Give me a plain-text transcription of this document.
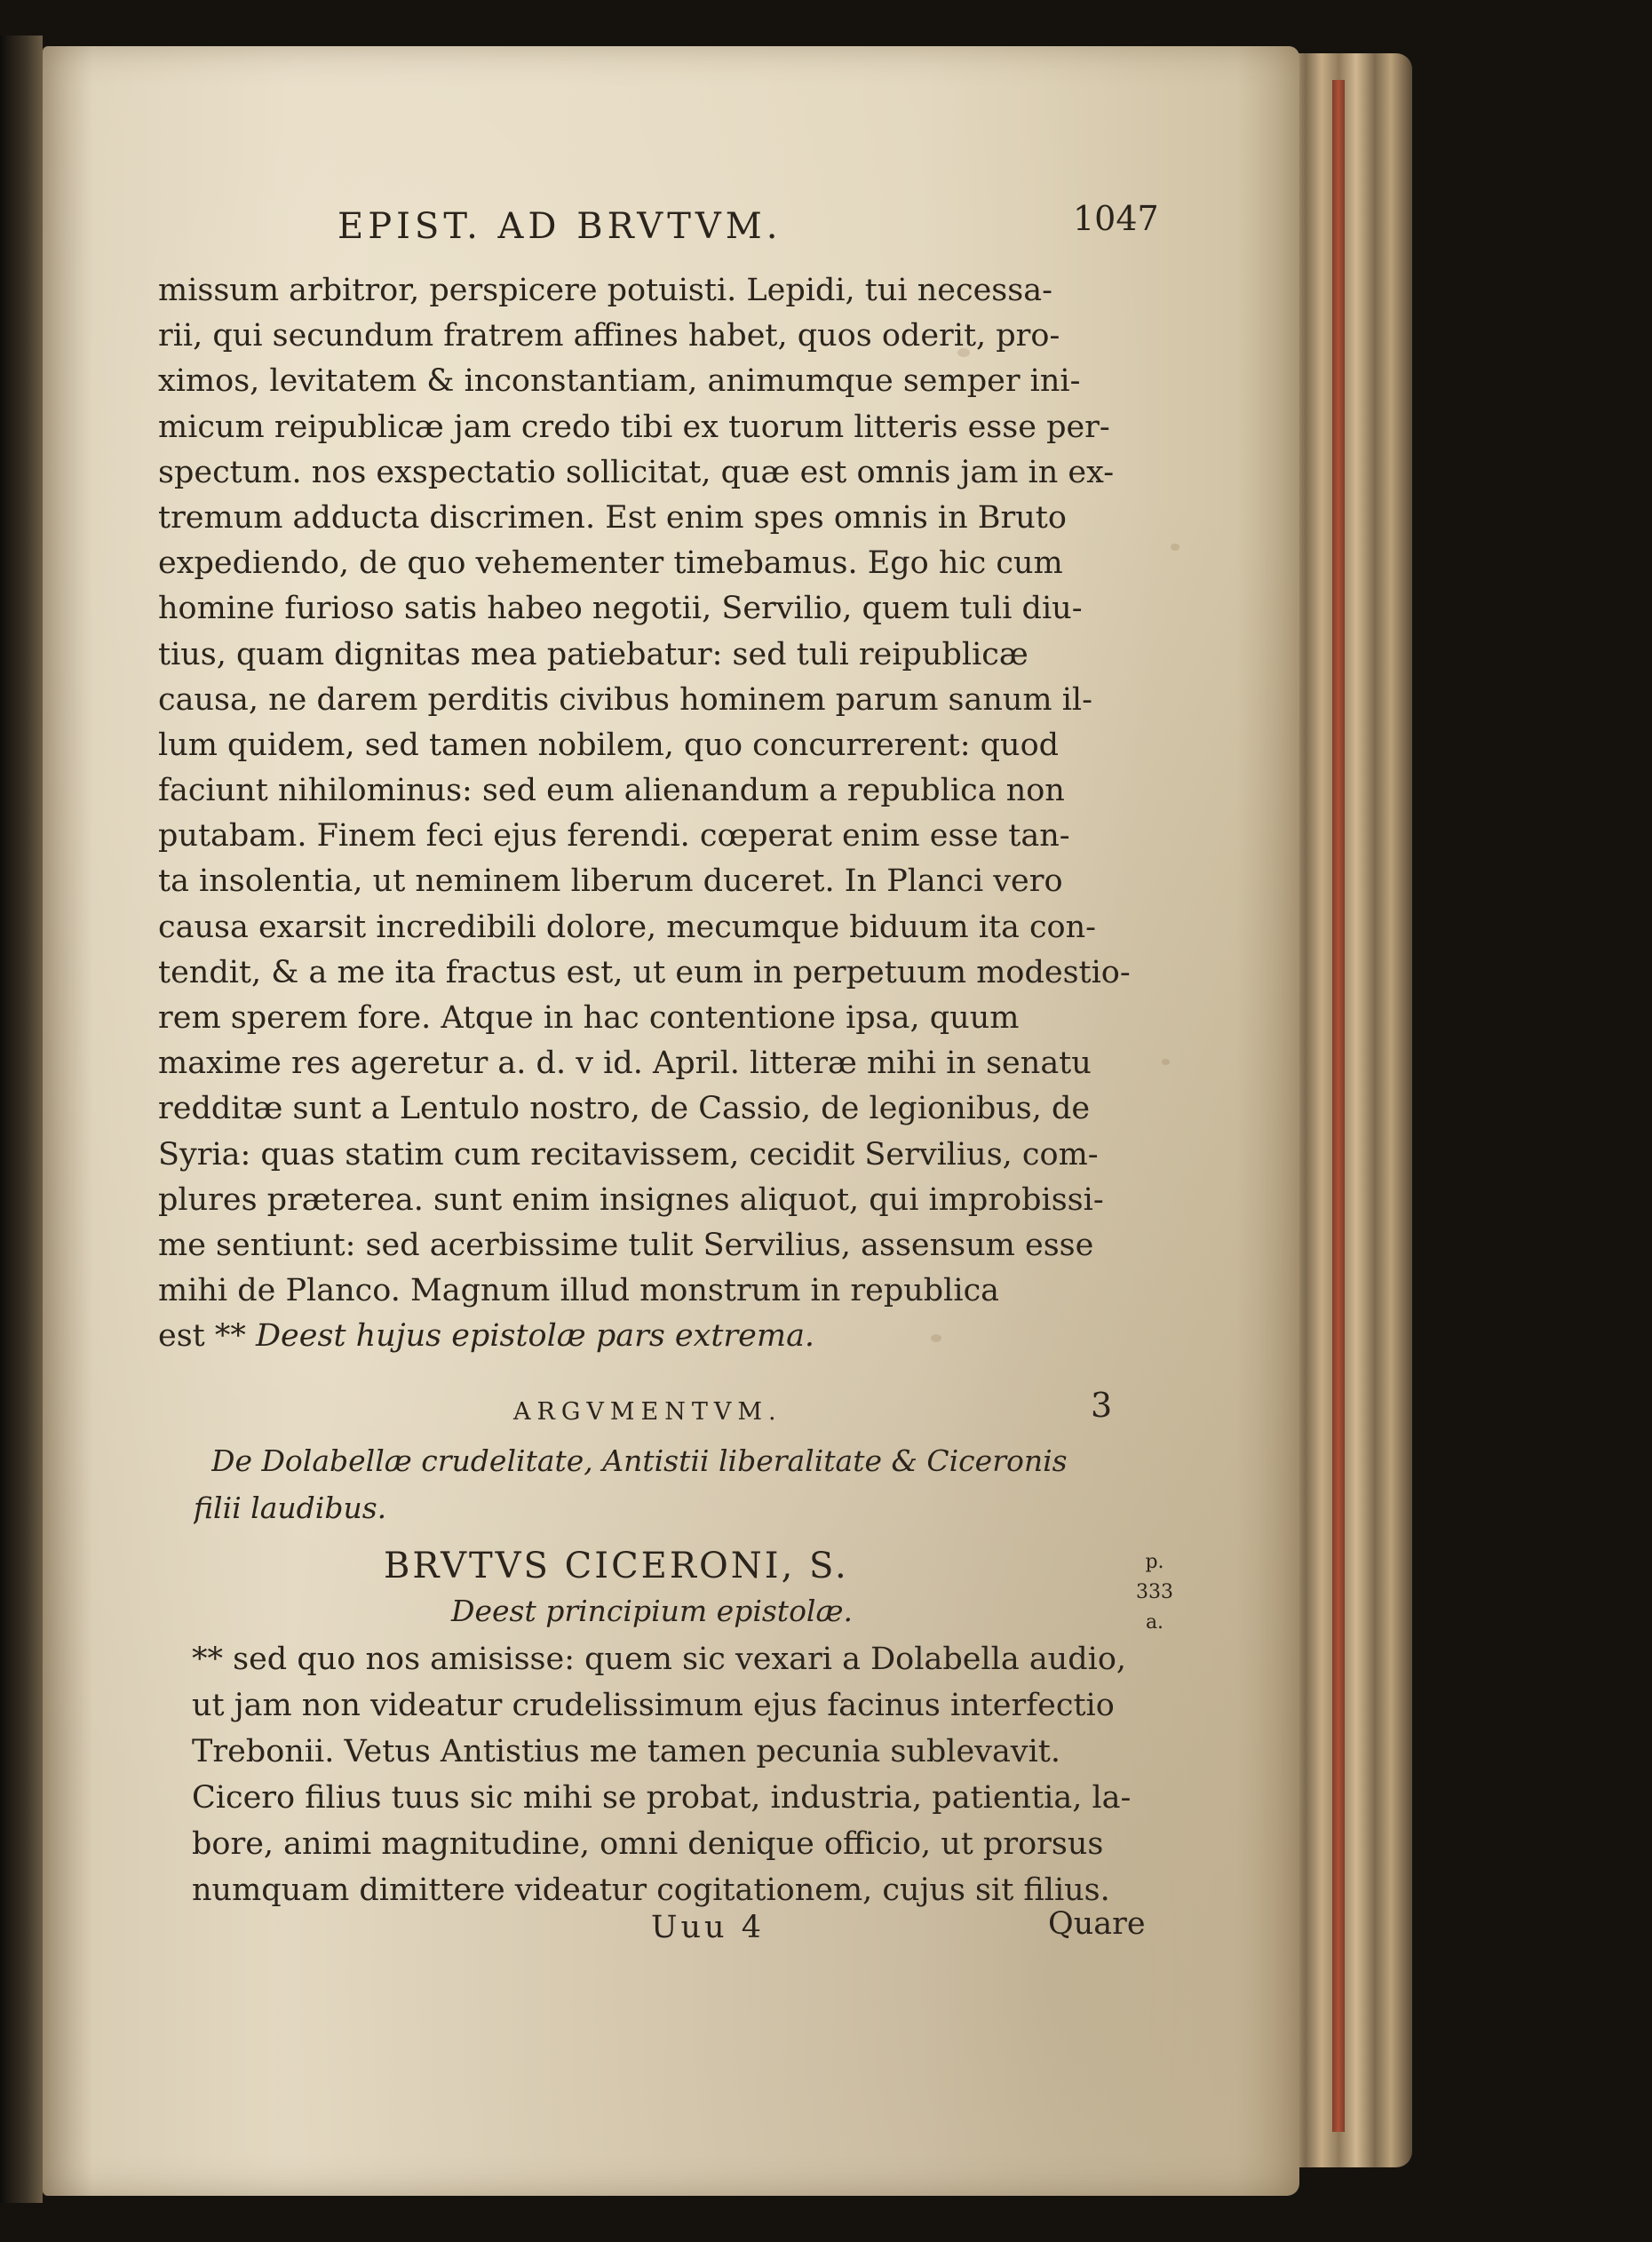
EPIST. AD BRVTVM.	1047
missum arbitror, perspicere potuisti. Lepidi, tui necessa-
rii, qui secundum fratrem affines habet, quos oderit, pro-
ximos, levitatem & inconstantiam, animumque semper ini-
micum reipublicæ jam credo tibi ex tuorum litteris esse per-
spectum. nos exspectatio sollicitat, quæ est omnis jam in ex-
tremum adducta discrimen. Est enim spes omnis in Bruto
expediendo, de quo vehementer timebamus. Ego hic cum
homine furioso satis habeo negotii, Servilio, quem tuli diu-
tius, quam dignitas mea patiebatur: sed tuli reipublicæ
causa, ne darem perditis civibus hominem parum sanum il-
lum quidem, sed tamen nobilem, quo concurrerent: quod
faciunt nihilominus: sed eum alienandum a republica non
putabam. Finem feci ejus ferendi. cœperat enim esse tan-
ta insolentia, ut neminem liberum duceret. In Planci vero
causa exarsit incredibili dolore, mecumque biduum ita con-
tendit, & a me ita fractus est, ut eum in perpetuum modestio-
rem sperem fore. Atque in hac contentione ipsa, quum
maxime res ageretur a. d. v id. April. litteræ mihi in senatu
redditæ sunt a Lentulo nostro, de Cassio, de legionibus, de
Syria: quas statim cum recitavissem, cecidit Servilius, com-
plures præterea. sunt enim insignes aliquot, qui improbissi-
me sentiunt: sed acerbissime tulit Servilius, assensum esse
mihi de Planco. Magnum illud monstrum in republica
est ** Deest hujus epistolæ pars extrema.
ARGVMENTVM.	3
De Dolabellæ crudelitate, Antistii liberalitate & Ciceronis
filii laudibus.
BRVTVS CICERONI, S.
Deest principium epistolæ.
p.
333
a.
** sed quo nos amisisse: quem sic vexari a Dolabella audio,
ut jam non videatur crudelissimum ejus facinus interfectio
Trebonii. Vetus Antistius me tamen pecunia sublevavit.
Cicero filius tuus sic mihi se probat, industria, patientia, la-
bore, animi magnitudine, omni denique officio, ut prorsus
numquam dimittere videatur cogitationem, cujus sit filius.
Uuu 4	Quare
